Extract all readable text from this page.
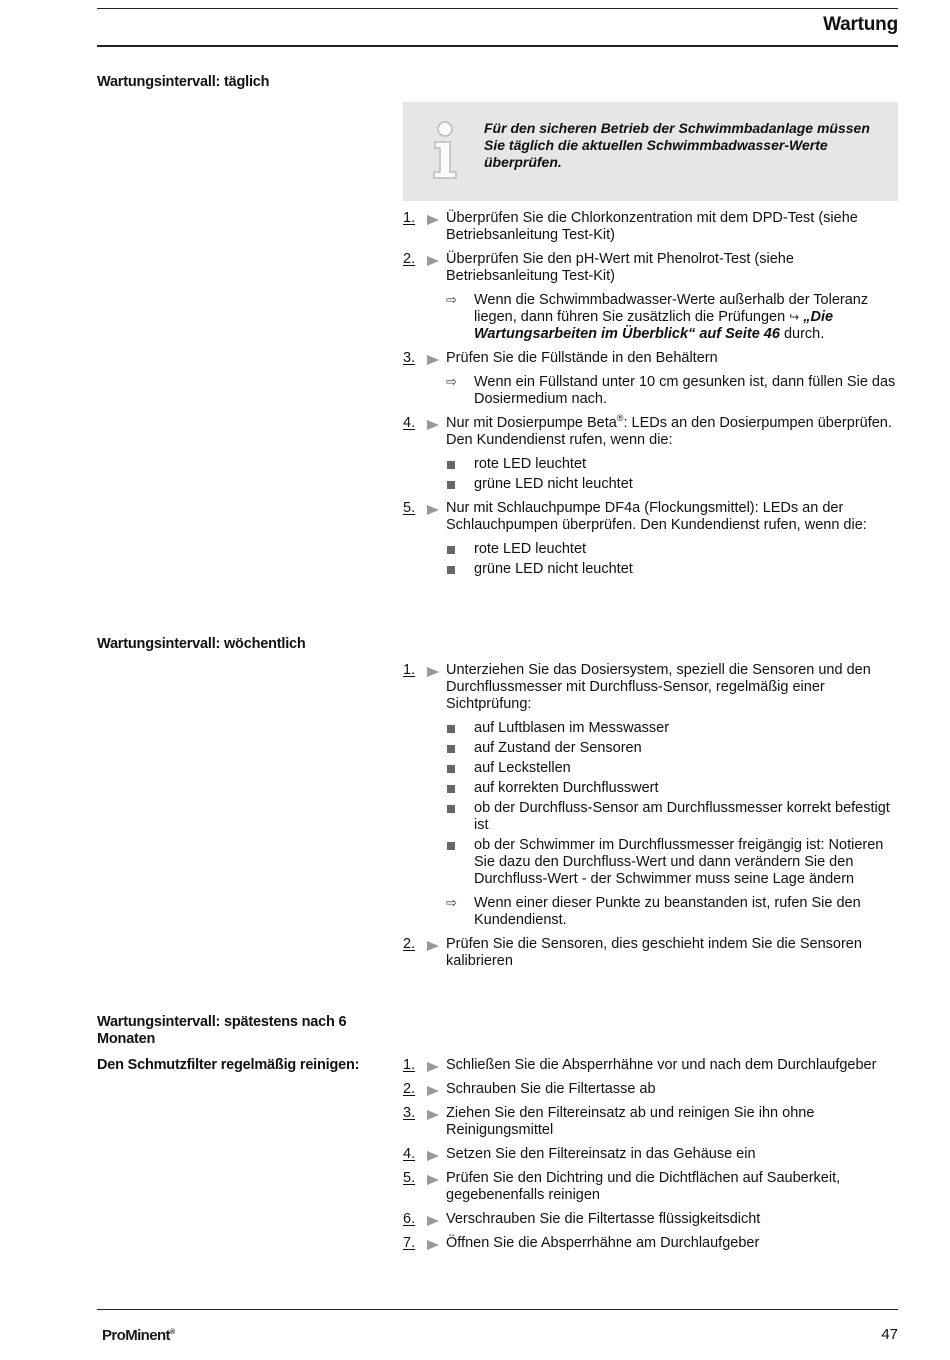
Wartung
Wartungsintervall: täglich
Für den sicheren Betrieb der Schwimmbadanlage müssen Sie täglich die aktuellen Schwimmbadwasser-Werte überprüfen.
1.	Überprüfen Sie die Chlorkonzentration mit dem DPD-Test (siehe Betriebsanleitung Test-Kit)
2.	Überprüfen Sie den pH-Wert mit Phenolrot-Test (siehe Betriebsanleitung Test-Kit)
⇨ Wenn die Schwimmbadwasser-Werte außerhalb der Toleranz liegen, dann führen Sie zusätzlich die Prüfungen ↪ „Die Wartungsarbeiten im Überblick“ auf Seite 46 durch.
3.	Prüfen Sie die Füllstände in den Behältern
⇨ Wenn ein Füllstand unter 10 cm gesunken ist, dann füllen Sie das Dosiermedium nach.
4.	Nur mit Dosierpumpe Beta®: LEDs an den Dosierpumpen überprüfen. Den Kundendienst rufen, wenn die:
rote LED leuchtet
grüne LED nicht leuchtet
5.	Nur mit Schlauchpumpe DF4a (Flockungsmittel): LEDs an der Schlauchpumpen überprüfen. Den Kundendienst rufen, wenn die:
rote LED leuchtet
grüne LED nicht leuchtet
Wartungsintervall: wöchentlich
1.	Unterziehen Sie das Dosiersystem, speziell die Sensoren und den Durchflussmesser mit Durchfluss-Sensor, regelmäßig einer Sichtprüfung:
auf Luftblasen im Messwasser
auf Zustand der Sensoren
auf Leckstellen
auf korrekten Durchflusswert
ob der Durchfluss-Sensor am Durchflussmesser korrekt befestigt ist
ob der Schwimmer im Durchflussmesser freigängig ist: Notieren Sie dazu den Durchfluss-Wert und dann verändern Sie den Durchfluss-Wert - der Schwimmer muss seine Lage ändern
⇨ Wenn einer dieser Punkte zu beanstanden ist, rufen Sie den Kundendienst.
2.	Prüfen Sie die Sensoren, dies geschieht indem Sie die Sensoren kalibrieren
Wartungsintervall: spätestens nach 6 Monaten
Den Schmutzfilter regelmäßig reinigen:	1.	Schließen Sie die Absperrhähne vor und nach dem Durchlaufgeber
2.	Schrauben Sie die Filtertasse ab
3.	Ziehen Sie den Filtereinsatz ab und reinigen Sie ihn ohne Reinigungsmittel
4.	Setzen Sie den Filtereinsatz in das Gehäuse ein
5.	Prüfen Sie den Dichtring und die Dichtflächen auf Sauberkeit, gegebenenfalls reinigen
6.	Verschrauben Sie die Filtertasse flüssigkeitsdicht
7.	Öffnen Sie die Absperrhähne am Durchlaufgeber
ProMinent®	47
